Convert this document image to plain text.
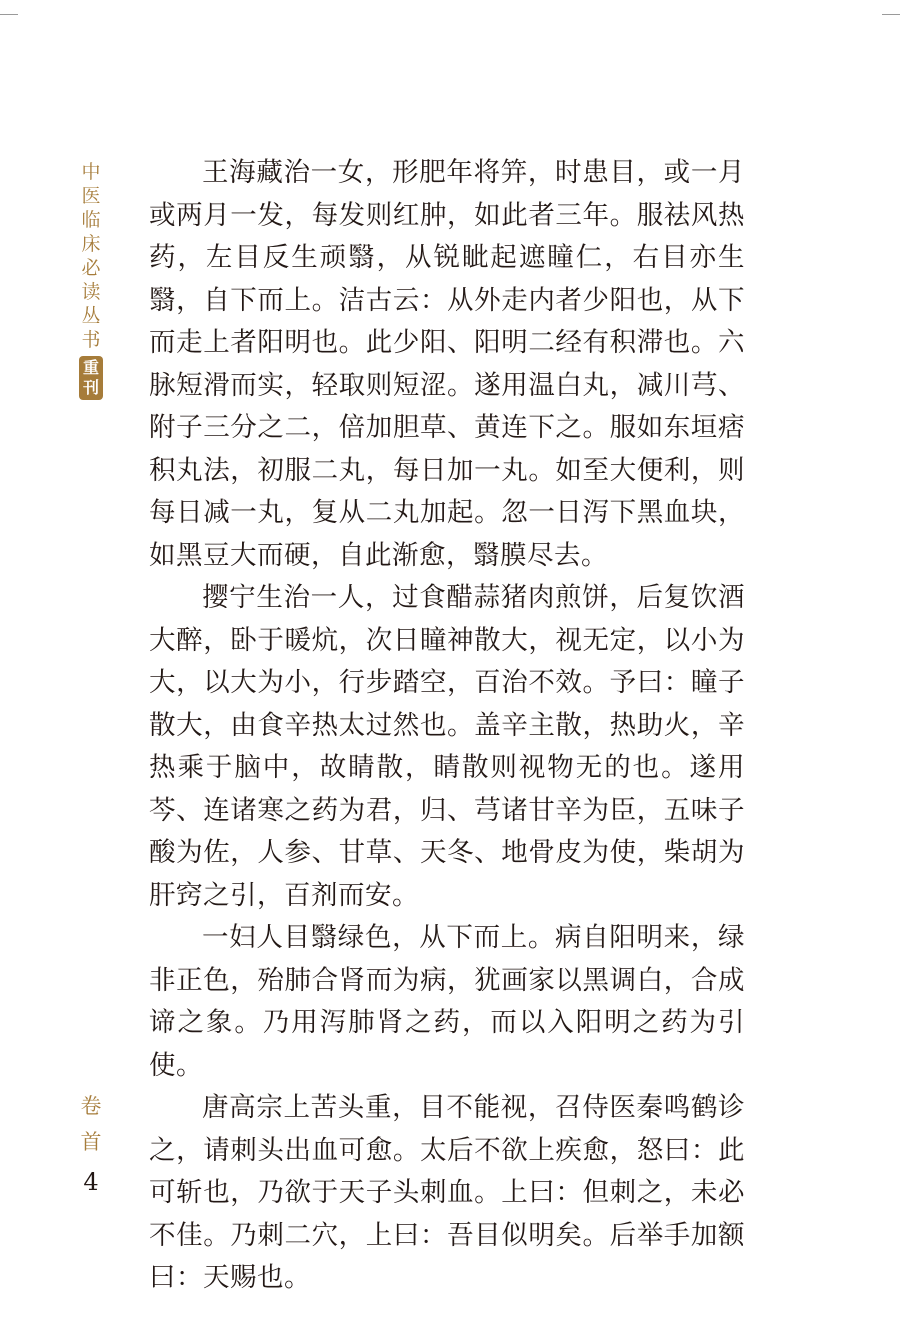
中
医
临
床
必
读
丛
书
重
刊

王海藏治一女，形肥年将笄，时患目，或一月或两月一发，每发则红肿，如此者三年。服祛风热药，左目反生顽翳，从锐眦起遮瞳仁，右目亦生翳，自下而上。洁古云：从外走内者少阳也，从下而走上者阳明也。此少阳、阳明二经有积滞也。六脉短滑而实，轻取则短涩。遂用温白丸，减川芎、附子三分之二，倍加胆草、黄连下之。服如东垣痞积丸法，初服二丸，每日加一丸。如至大便利，则每日减一丸，复从二丸加起。忽一日泻下黑血块，如黑豆大而硬，自此渐愈，翳膜尽去。

撄宁生治一人，过食醋蒜猪肉煎饼，后复饮酒大醉，卧于暖炕，次日瞳神散大，视无定，以小为大，以大为小，行步踏空，百治不效。予曰：瞳子散大，由食辛热太过然也。盖辛主散，热助火，辛热乘于脑中，故睛散，睛散则视物无的也。遂用芩、连诸寒之药为君，归、芎诸甘辛为臣，五味子酸为佐，人参、甘草、天冬、地骨皮为使，柴胡为肝窍之引，百剂而安。

一妇人目翳绿色，从下而上。病自阳明来，绿非正色，殆肺合肾而为病，犹画家以黑调白，合成谛之象。乃用泻肺肾之药，而以入阳明之药为引使。

唐高宗上苦头重，目不能视，召侍医秦鸣鹤诊之，请刺头出血可愈。太后不欲上疾愈，怒曰：此可斩也，乃欲于天子头刺血。上曰：但刺之，未必不佳。乃刺二穴，上曰：吾目似明矣。后举手加额曰：天赐也。

卷
首
4
